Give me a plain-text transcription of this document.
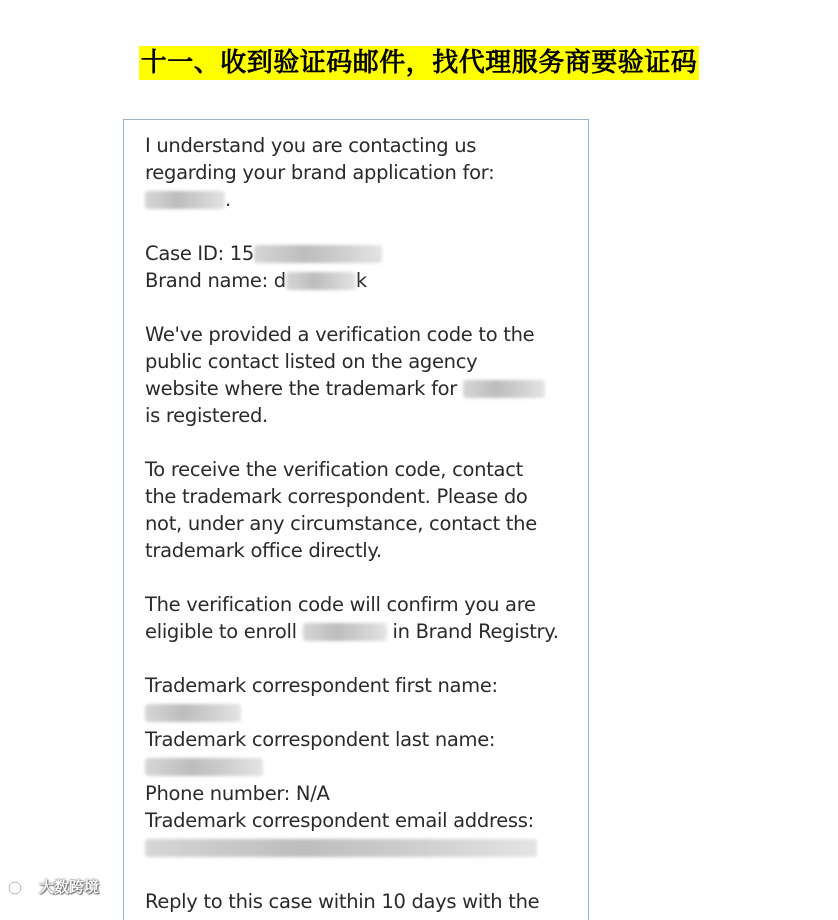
十一、收到验证码邮件，找代理服务商要验证码

I understand you are contacting us
regarding your brand application for:
.

Case ID: 15
Brand name: d	k

We've provided a verification code to the
public contact listed on the agency
website where the trademark for
is registered.

To receive the verification code, contact
the trademark correspondent. Please do
not, under any circumstance, contact the
trademark office directly.

The verification code will confirm you are
eligible to enroll	in Brand Registry.

Trademark correspondent first name:
Trademark correspondent last name:
Phone number: N/A
Trademark correspondent email address:

Reply to this case within 10 days with the

大数跨境
